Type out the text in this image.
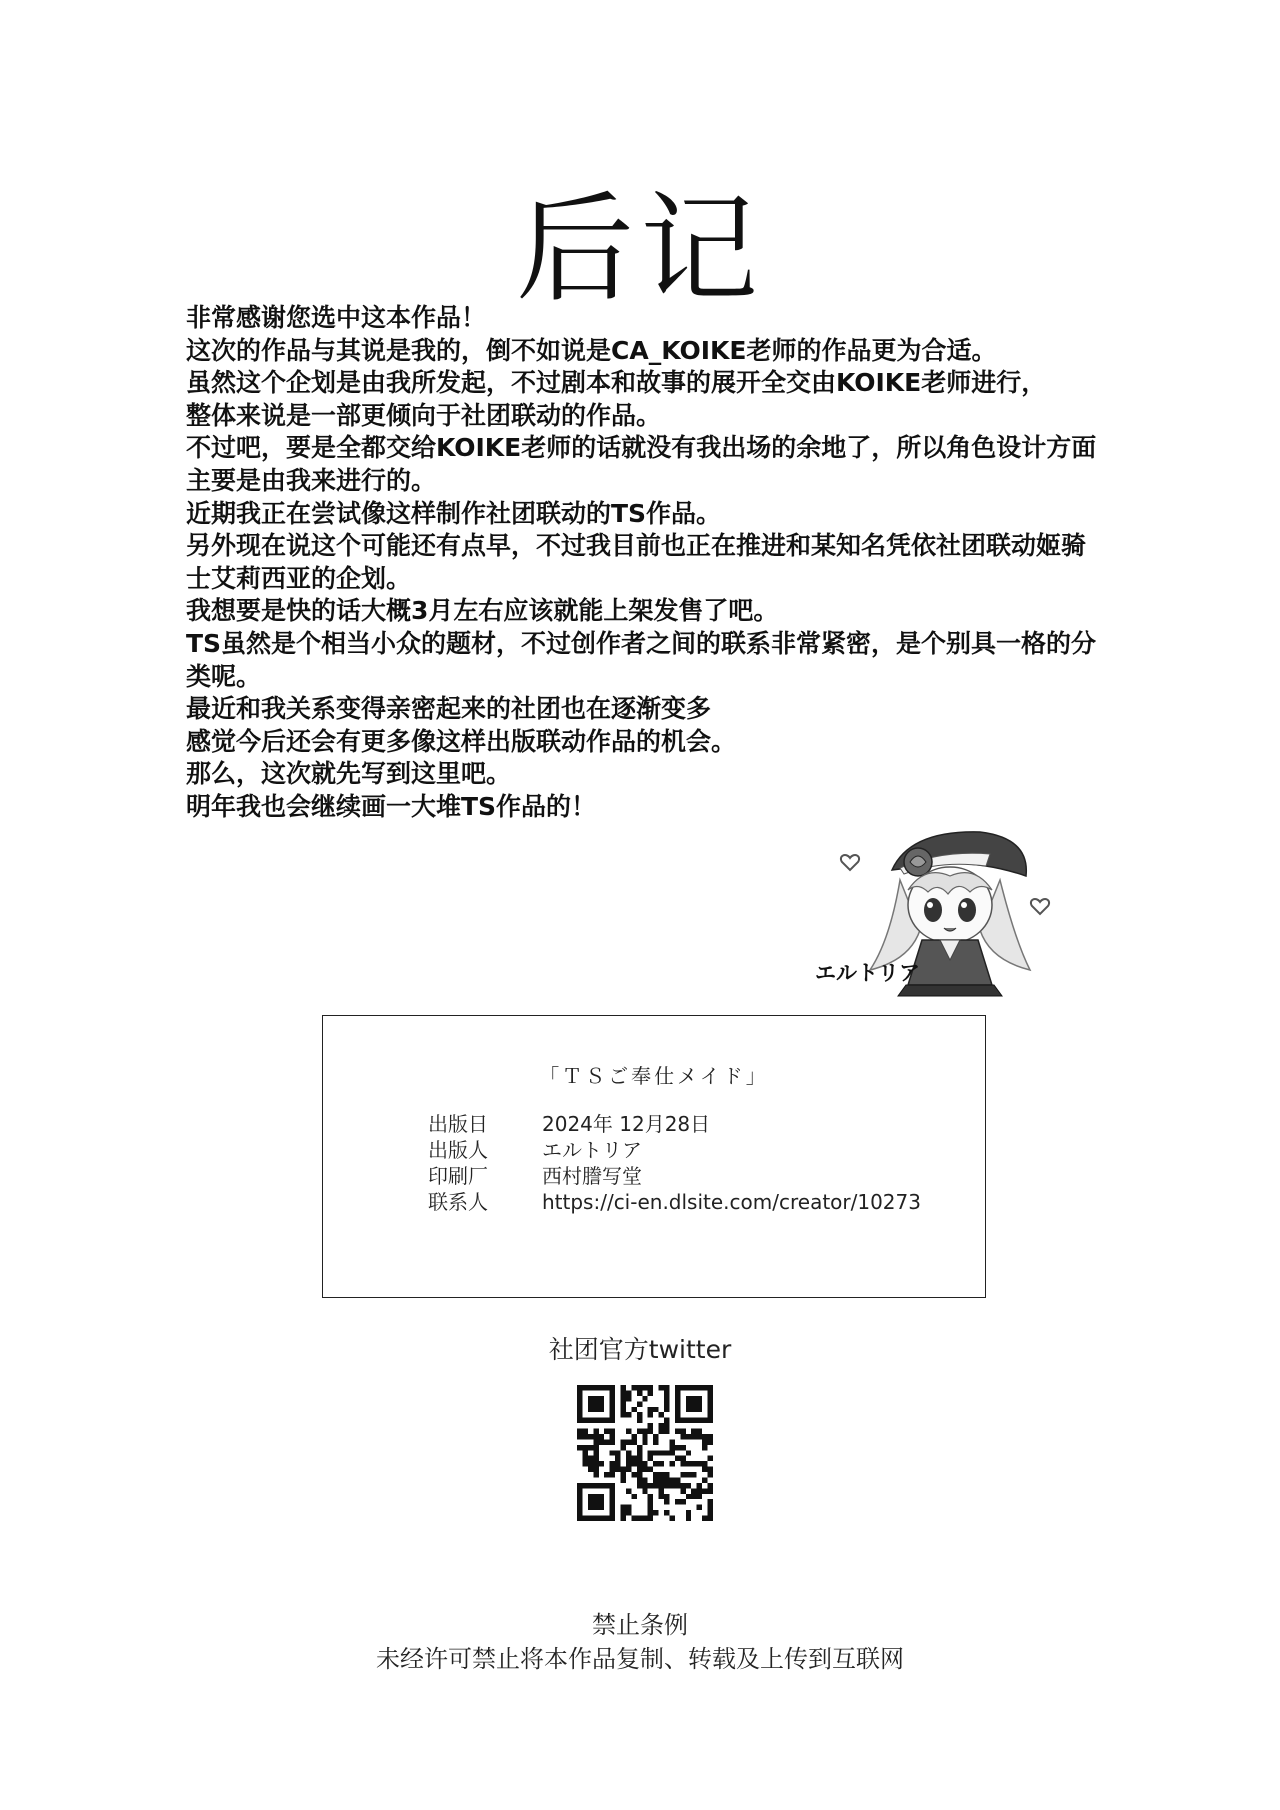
后记
非常感谢您选中这本作品！
这次的作品与其说是我的，倒不如说是CA_KOIKE老师的作品更为合适。
虽然这个企划是由我所发起，不过剧本和故事的展开全交由KOIKE老师进行，
整体来说是一部更倾向于社团联动的作品。
不过吧，要是全都交给KOIKE老师的话就没有我出场的余地了，所以角色设计方面
主要是由我来进行的。
近期我正在尝试像这样制作社团联动的TS作品。
另外现在说这个可能还有点早，不过我目前也正在推进和某知名凭依社团联动姬骑
士艾莉西亚的企划。
我想要是快的话大概3月左右应该就能上架发售了吧。
TS虽然是个相当小众的题材，不过创作者之间的联系非常紧密，是个别具一格的分
类呢。
最近和我关系变得亲密起来的社团也在逐渐变多
感觉今后还会有更多像这样出版联动作品的机会。
那么，这次就先写到这里吧。
明年我也会继续画一大堆TS作品的！
エルトリア
「ＴＳご奉仕メイド」
出版日	2024年 12月28日
出版人	エルトリア
印刷厂	西村謄写堂
联系人	https://ci-en.dlsite.com/creator/10273
社团官方twitter
禁止条例
未经许可禁止将本作品复制、转载及上传到互联网
